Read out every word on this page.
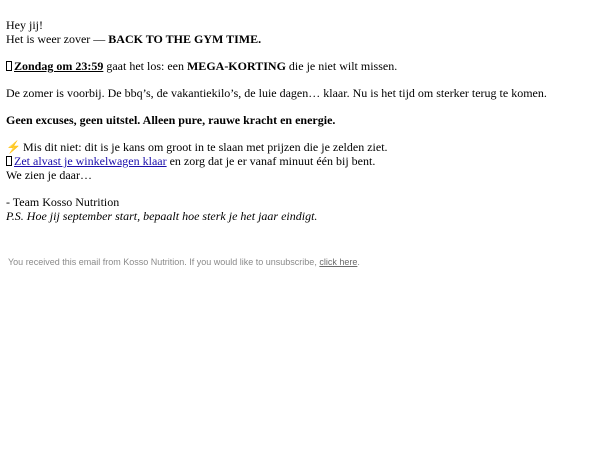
Hey jij!

Het is weer zover — BACK TO THE GYM TIME.

Zondag om 23:59 gaat het los: een MEGA-KORTING die je niet wilt missen.

De zomer is voorbij. De bbq’s, de vakantiekilo’s, de luie dagen… klaar. Nu is het tijd om sterker terug te komen.

Geen excuses, geen uitstel. Alleen pure, rauwe kracht en energie.

⚡ Mis dit niet: dit is je kans om groot in te slaan met prijzen die je zelden ziet.

Zet alvast je winkelwagen klaar en zorg dat je er vanaf minuut één bij bent.

We zien je daar…

- Team Kosso Nutrition

P.S. Hoe jij september start, bepaalt hoe sterk je het jaar eindigt.

You received this email from Kosso Nutrition. If you would like to unsubscribe, click here.
